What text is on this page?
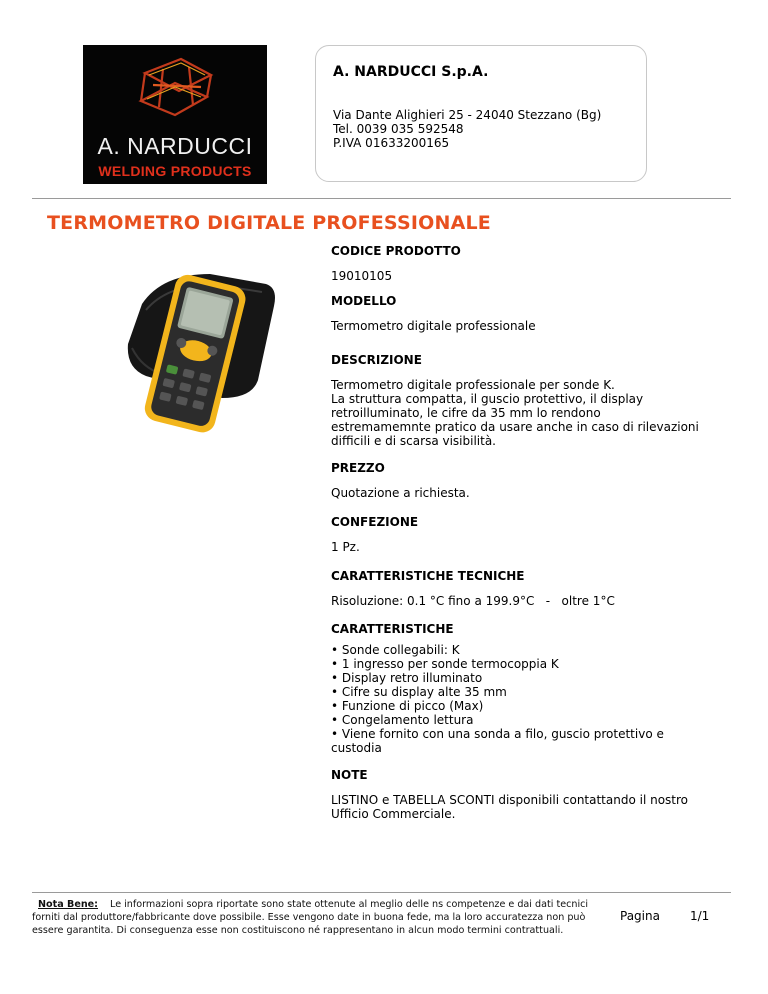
A. NARDUCCI
WELDING PRODUCTS
A. NARDUCCI S.p.A.
Via Dante Alighieri 25 - 24040 Stezzano (Bg)
Tel. 0039 035 592548
P.IVA 01633200165
TERMOMETRO DIGITALE PROFESSIONALE
CODICE PRODOTTO
19010105
MODELLO
Termometro digitale professionale
DESCRIZIONE
Termometro digitale professionale per sonde K.
La struttura compatta, il guscio protettivo, il display retroilluminato, le cifre da 35 mm lo rendono estremamemnte pratico da usare anche in caso di rilevazioni difficili e di scarsa visibilità.
PREZZO
Quotazione a richiesta.
CONFEZIONE
1 Pz.
CARATTERISTICHE TECNICHE
Risoluzione: 0.1 °C fino a 199.9°C   -   oltre 1°C
CARATTERISTICHE
• Sonde collegabili: K
• 1 ingresso per sonde termocoppia K
• Display retro illuminato
• Cifre su display alte 35 mm
• Funzione di picco (Max)
• Congelamento lettura
• Viene fornito con una sonda a filo, guscio protettivo e custodia
NOTE
LISTINO e TABELLA SCONTI disponibili contattando il nostro Ufficio Commerciale.
Nota Bene: Le informazioni sopra riportate sono state ottenute al meglio delle ns competenze e dai dati tecnici forniti dal produttore/fabbricante dove possibile. Esse vengono date in buona fede, ma la loro accuratezza non può essere garantita. Di conseguenza esse non costituiscono né rappresentano in alcun modo termini contrattuali.
Pagina	1/1
